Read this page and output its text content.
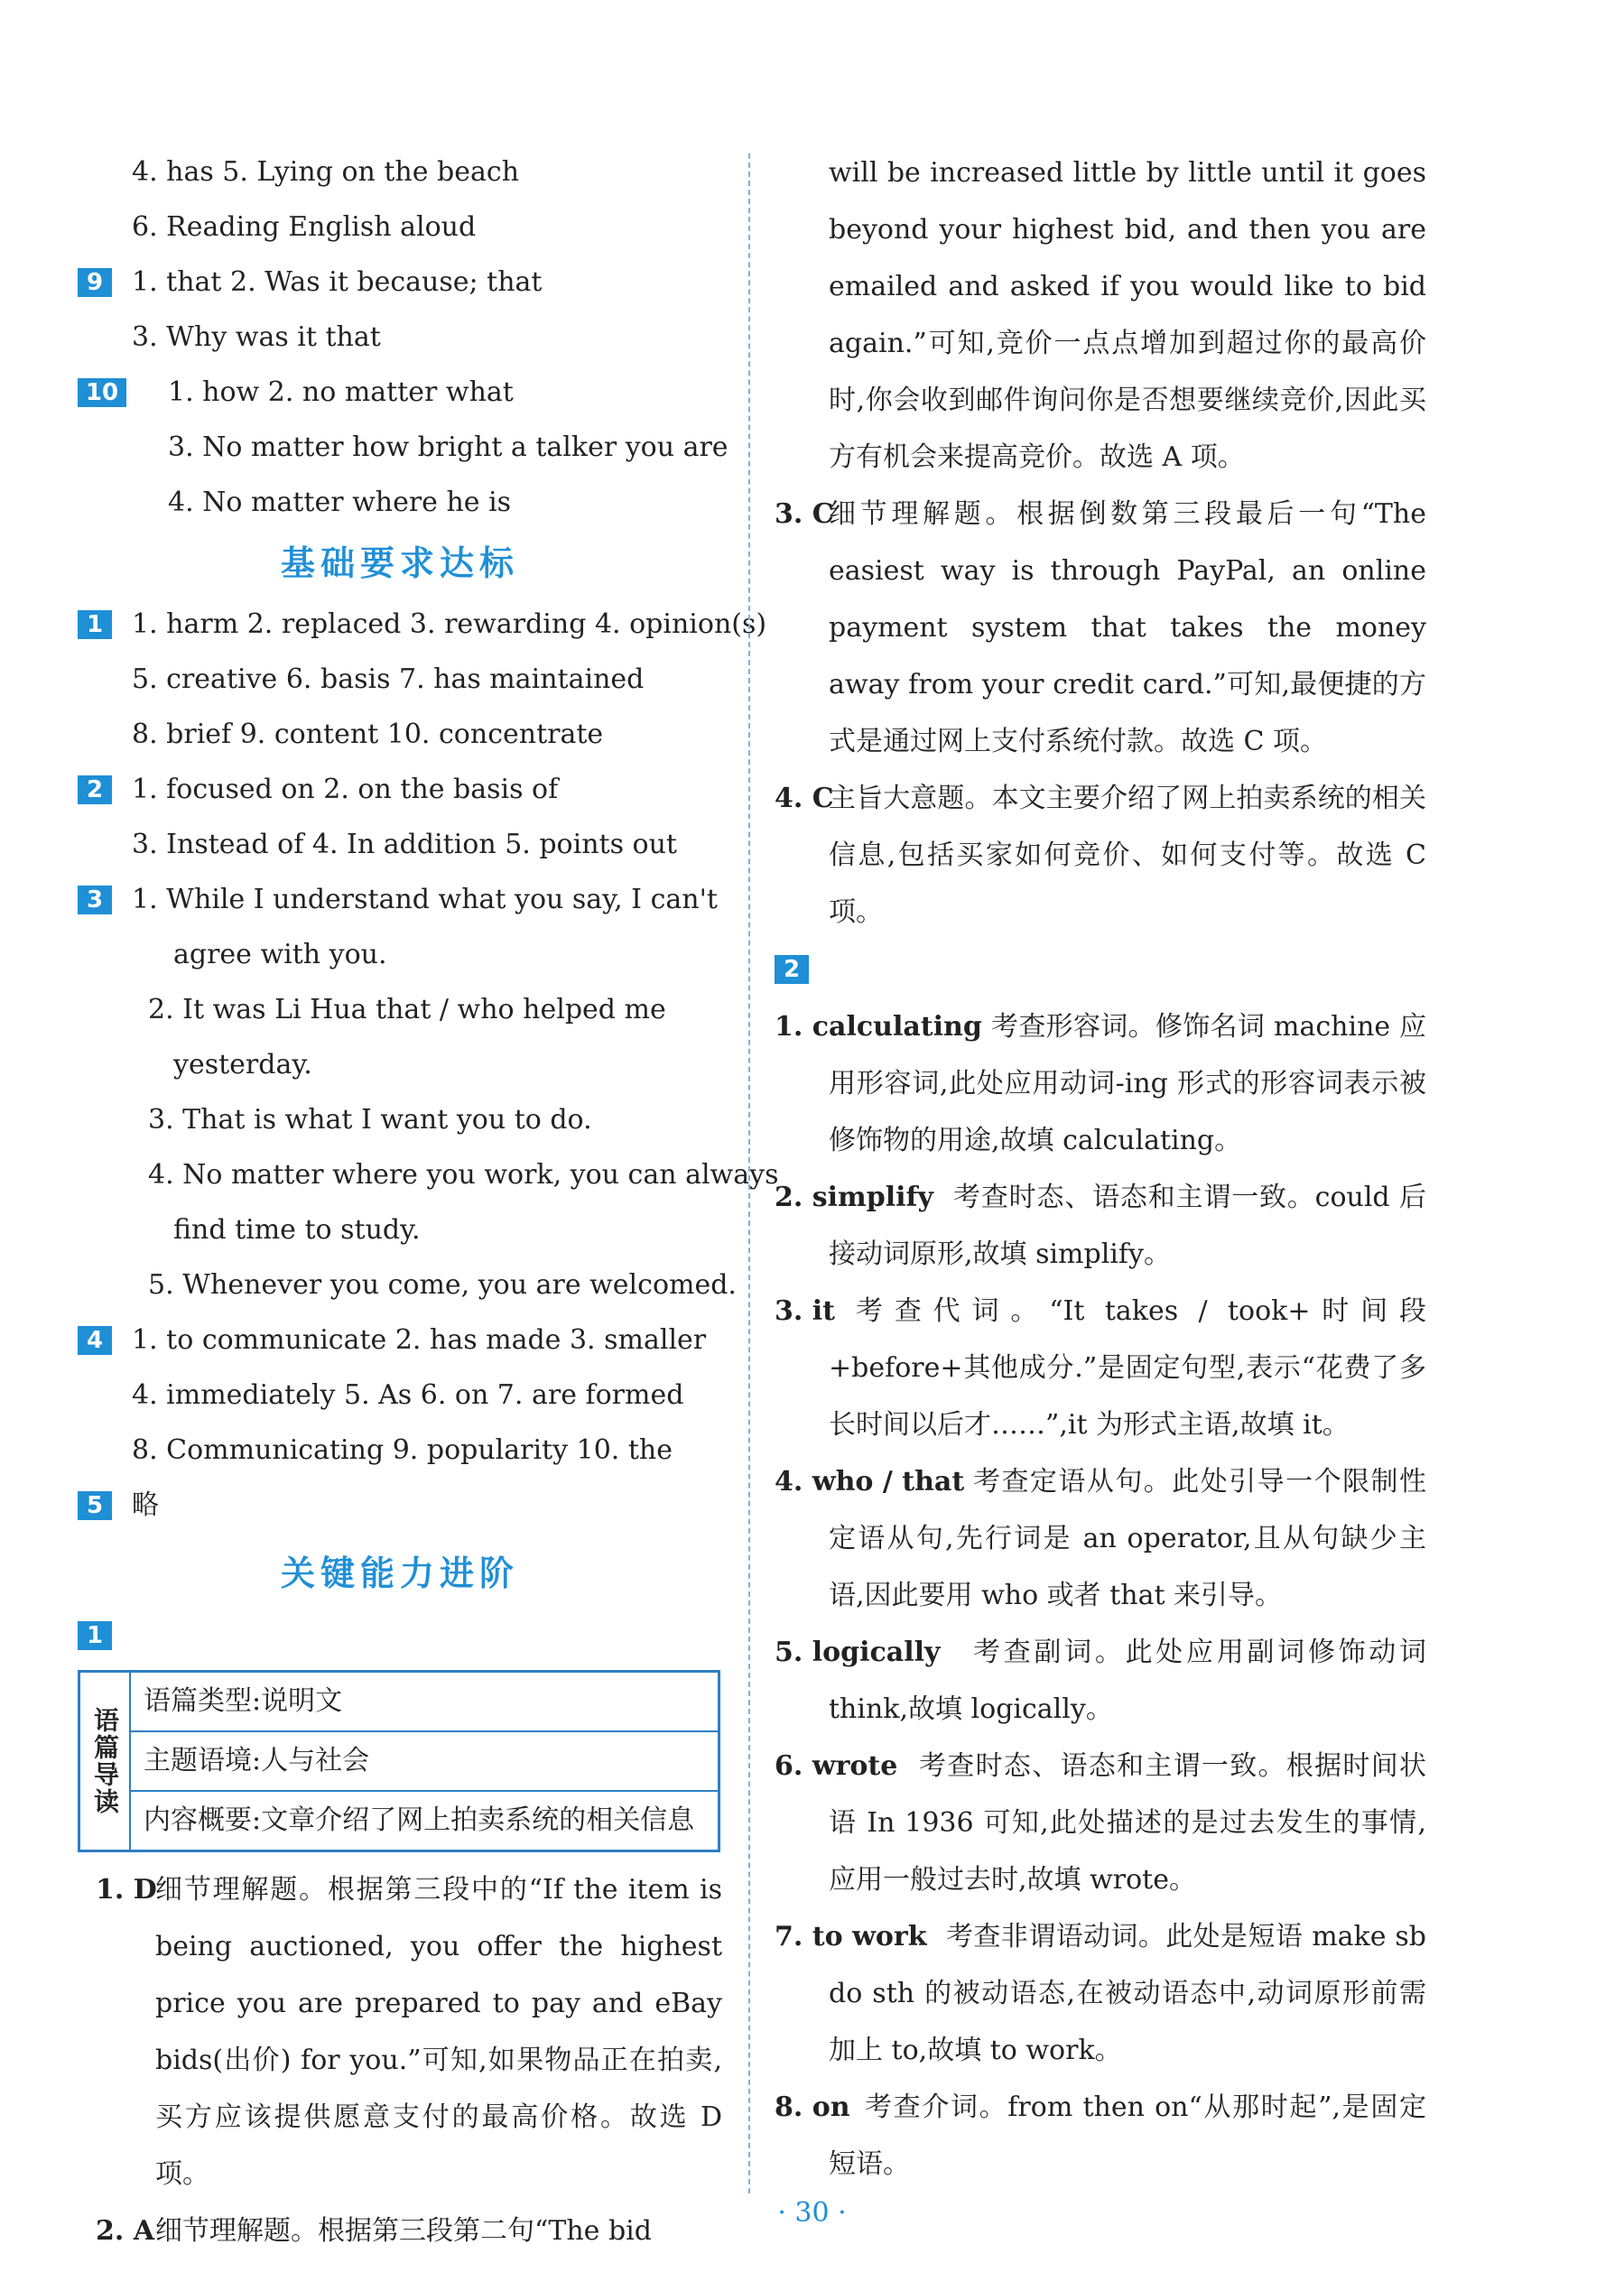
4. has 5. Lying on the beach
6. Reading English aloud
9	1. that 2. Was it because; that
3. Why was it that
10 1. how 2. no matter what
3. No matter how bright a talker you are
4. No matter where he is
基础要求达标
1	1. harm 2. replaced 3. rewarding 4. opinion(s)
5. creative 6. basis 7. has maintained
8. brief 9. content 10. concentrate
2	1. focused on 2. on the basis of
3. Instead of 4. In addition 5. points out
3	1. While I understand what you say, I can't
agree with you.
2. It was Li Hua that / who helped me
yesterday.
3. That is what I want you to do.
4. No matter where you work, you can always
find time to study.
5. Whenever you come, you are welcomed.
4	1. to communicate 2. has made 3. smaller
4. immediately 5. As 6. on 7. are formed
8. Communicating 9. popularity 10. the
5	略
关键能力进阶
1
语篇导读
语篇类型:说明文
主题语境:人与社会
内容概要:文章介绍了网上拍卖系统的相关信息
1. D
细节理解题。根据第三段中的“If the item is being auctioned, you offer the highest price you are prepared to pay and eBay bids(出价) for you.”可知,如果物品正在拍卖,买方应该提供愿意支付的最高价格。故选 D 项。
2. A 细节理解题。根据第三段第二句“The bid
will be increased little by little until it goes beyond your highest bid, and then you are emailed and asked if you would like to bid again.”可知,竞价一点点增加到超过你的最高价时,你会收到邮件询问你是否想要继续竞价,因此买方有机会来提高竞价。故选 A 项。
3. C
细节理解题。根据倒数第三段最后一句“The easiest way is through PayPal, an online payment system that takes the money away from your credit card.”可知,最便捷的方式是通过网上支付系统付款。故选 C 项。
4. C
主旨大意题。本文主要介绍了网上拍卖系统的相关信息,包括买家如何竞价、如何支付等。故选 C 项。
2
1. calculating 考查形容词。修饰名词 machine 应用形容词,此处应用动词-ing 形式的形容词表示被修饰物的用途,故填 calculating。
2. simplify 考查时态、语态和主谓一致。could 后接动词原形,故填 simplify。
3. it 考查代词。“It takes / took+时间段+before+其他成分.”是固定句型,表示“花费了多长时间以后才……”,it 为形式主语,故填 it。
4. who / that 考查定语从句。此处引导一个限制性定语从句,先行词是 an operator,且从句缺少主语,因此要用 who 或者 that 来引导。
5. logically 考查副词。此处应用副词修饰动词 think,故填 logically。
6. wrote 考查时态、语态和主谓一致。根据时间状语 In 1936 可知,此处描述的是过去发生的事情,应用一般过去时,故填 wrote。
7. to work 考查非谓语动词。此处是短语 make sb do sth 的被动语态,在被动语态中,动词原形前需加上 to,故填 to work。
8. on 考查介词。from then on“从那时起”,是固定短语。
· 30 ·
